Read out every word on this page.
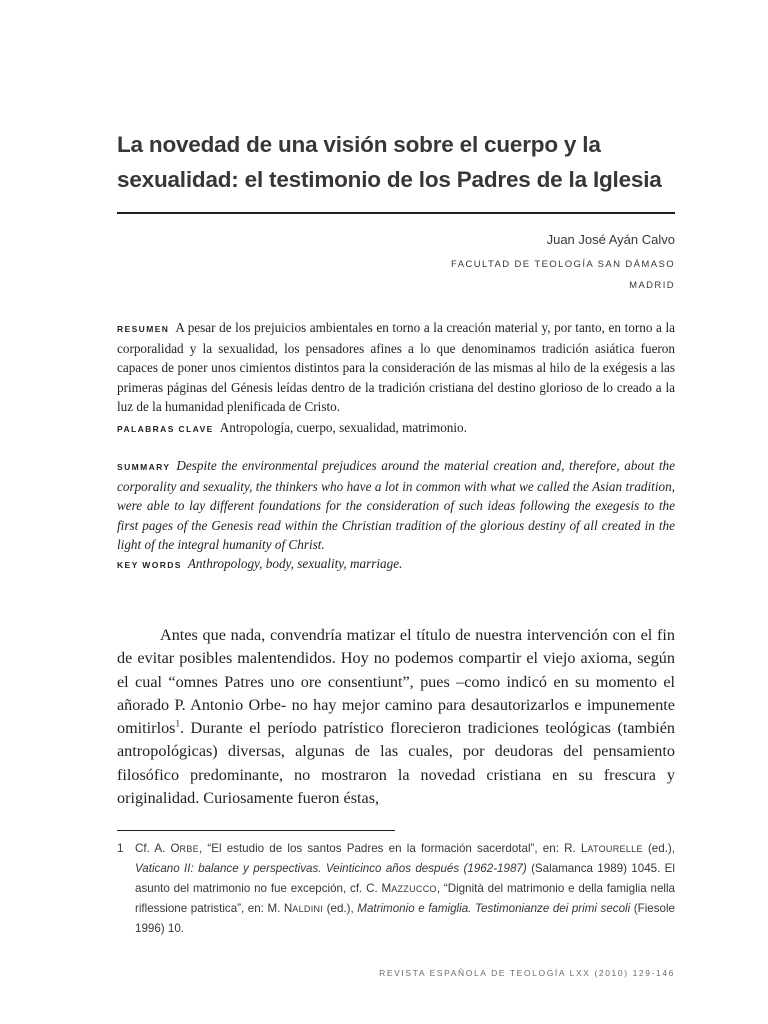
La novedad de una visión sobre el cuerpo y la sexualidad: el testimonio de los Padres de la Iglesia
Juan José Ayán Calvo
FACULTAD DE TEOLOGÍA SAN DÁMASO
MADRID

RESUMEN A pesar de los prejuicios ambientales en torno a la creación material y, por tanto, en torno a la corporalidad y la sexualidad, los pensadores afines a lo que denominamos tradición asiática fueron capaces de poner unos cimientos distintos para la consideración de las mismas al hilo de la exégesis a las primeras páginas del Génesis leídas dentro de la tradición cristiana del destino glorioso de lo creado a la luz de la humanidad plenificada de Cristo.

PALABRAS CLAVE Antropología, cuerpo, sexualidad, matrimonio.

SUMMARY Despite the environmental prejudices around the material creation and, therefore, about the corporality and sexuality, the thinkers who have a lot in common with what we called the Asian tradition, were able to lay different foundations for the consideration of such ideas following the exegesis to the first pages of the Genesis read within the Christian tradition of the glorious destiny of all created in the light of the integral humanity of Christ.

KEY WORDS Anthropology, body, sexuality, marriage.

Antes que nada, convendría matizar el título de nuestra intervención con el fin de evitar posibles malentendidos. Hoy no podemos compartir el viejo axioma, según el cual “omnes Patres uno ore consentiunt”, pues –como indicó en su momento el añorado P. Antonio Orbe- no hay mejor camino para desautorizarlos e impunemente omitirlos$^1$. Durante el período patrístico florecieron tradiciones teológicas (también antropológicas) diversas, algunas de las cuales, por deudoras del pensamiento filosófico predominante, no mostraron la novedad cristiana en su frescura y originalidad. Curiosamente fueron éstas,

1 Cf. A. ORBE, “El estudio de los santos Padres en la formación sacerdotal”, en: R. LATOURELLE (ed.), Vaticano II: balance y perspectivas. Veinticinco años después (1962-1987) (Salamanca 1989) 1045. El asunto del matrimonio no fue excepción, cf. C. MAZZUCCO, “Dignità del matrimonio e della famiglia nella riflessione patristica”, en: M. NALDINI (ed.), Matrimonio e famiglia. Testimonianze dei primi secoli (Fiesole 1996) 10.
REVISTA ESPAÑOLA DE TEOLOGÍA LXX (2010) 129-146
